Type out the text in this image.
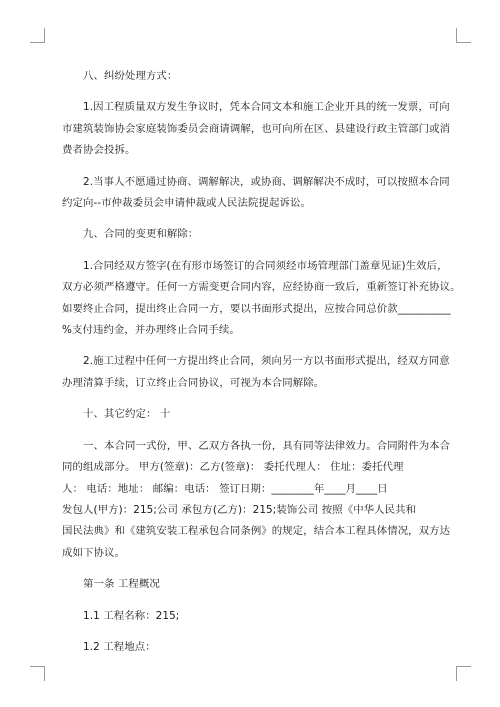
八、纠纷处理方式：

1.因工程质量双方发生争议时，凭本合同文本和施工企业开具的统一发票，可向

市建筑装饰协会家庭装饰委员会商请调解，也可向所在区、县建设行政主管部门或消

费者协会投拆。

2.当事人不愿通过协商、调解解决，或协商、调解解决不成时，可以按照本合同

约定向--市仲裁委员会申请仲裁或人民法院提起诉讼。

九、合同的变更和解除：

1.合同经双方签字(在有形市场签订的合同须经市场管理部门盖章见证)生效后，

双方必须严格遵守。任何一方需变更合同内容，应经协商一致后，重新签订补充协议。

如要终止合同，提出终止合同一方，要以书面形式提出，应按合同总价款__________

%支付违约金，并办理终止合同手续。

2.施工过程中任何一方提出终止合同，须向另一方以书面形式提出，经双方同意

办理清算手续，订立终止合同协议，可视为本合同解除。

十、其它约定： 十

一、本合同一式份，甲、乙双方各执一份，具有同等法律效力。合同附件为本合

同的组成部分。 甲方(签章)：乙方(签章)： 委托代理人： 住址：委托代理

人： 电话：地址： 邮编：电话： 签订日期：________年____月____日

发包人(甲方)：215;公司 承包方(乙方)：215;装饰公司 按照《中华人民共和

国民法典》和《建筑安装工程承包合同条例》的规定，结合本工程具体情况，双方达

成如下协议。

第一条 工程概况

1.1 工程名称：215;

1.2 工程地点：
